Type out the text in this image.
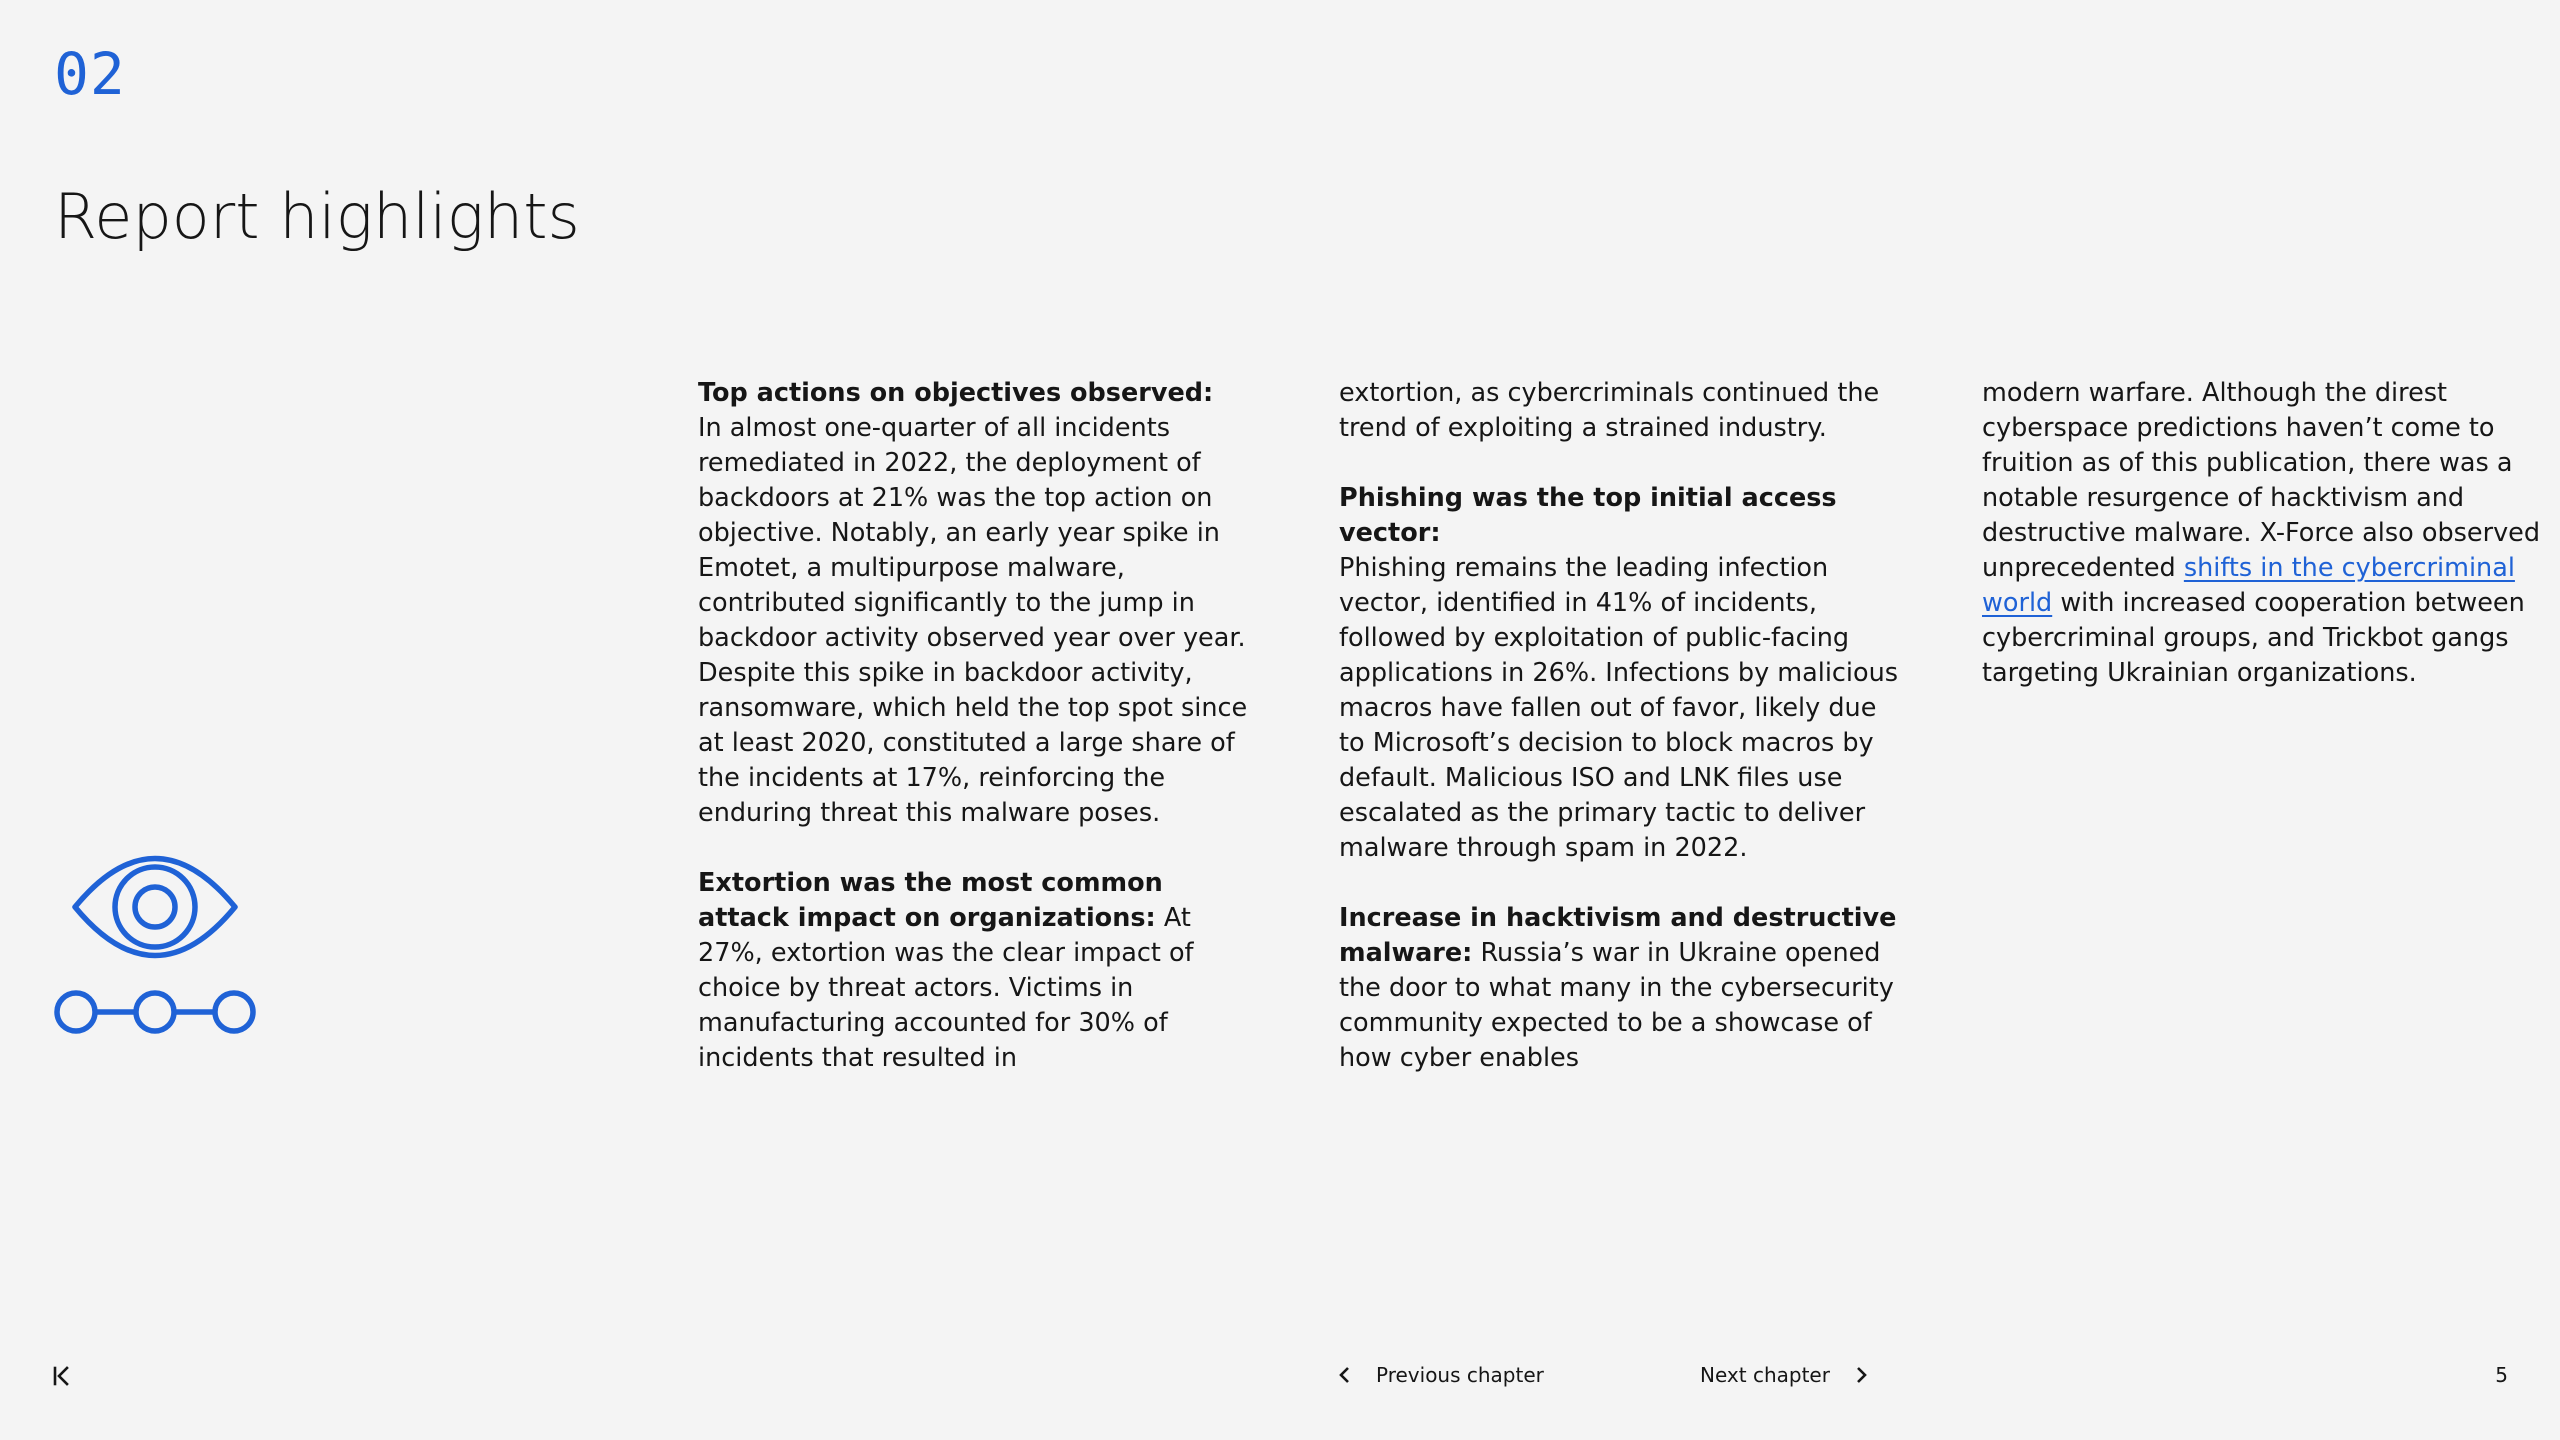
02
Report highlights

Top actions on objectives observed:
In almost one-quarter of all incidents remediated in 2022, the deployment of backdoors at 21% was the top action on objective. Notably, an early year spike in Emotet, a multipurpose malware, contributed significantly to the jump in backdoor activity observed year over year. Despite this spike in backdoor activity, ransomware, which held the top spot since at least 2020, constituted a large share of the incidents at 17%, reinforcing the enduring threat this malware poses.

Extortion was the most common attack impact on organizations: At 27%, extortion was the clear impact of choice by threat actors. Victims in manufacturing accounted for 30% of incidents that resulted in

extortion, as cybercriminals continued the trend of exploiting a strained industry.

Phishing was the top initial access vector:
Phishing remains the leading infection vector, identified in 41% of incidents, followed by exploitation of public-facing applications in 26%. Infections by malicious macros have fallen out of favor, likely due to Microsoft’s decision to block macros by default. Malicious ISO and LNK files use escalated as the primary tactic to deliver malware through spam in 2022.

Increase in hacktivism and destructive malware: Russia’s war in Ukraine opened the door to what many in the cybersecurity community expected to be a showcase of how cyber enables

modern warfare. Although the direst cyberspace predictions haven’t come to fruition as of this publication, there was a notable resurgence of hacktivism and destructive malware. X-Force also observed unprecedented shifts in the cybercriminal world with increased cooperation between cybercriminal groups, and Trickbot gangs targeting Ukrainian organizations.

Previous chapter	Next chapter	5
